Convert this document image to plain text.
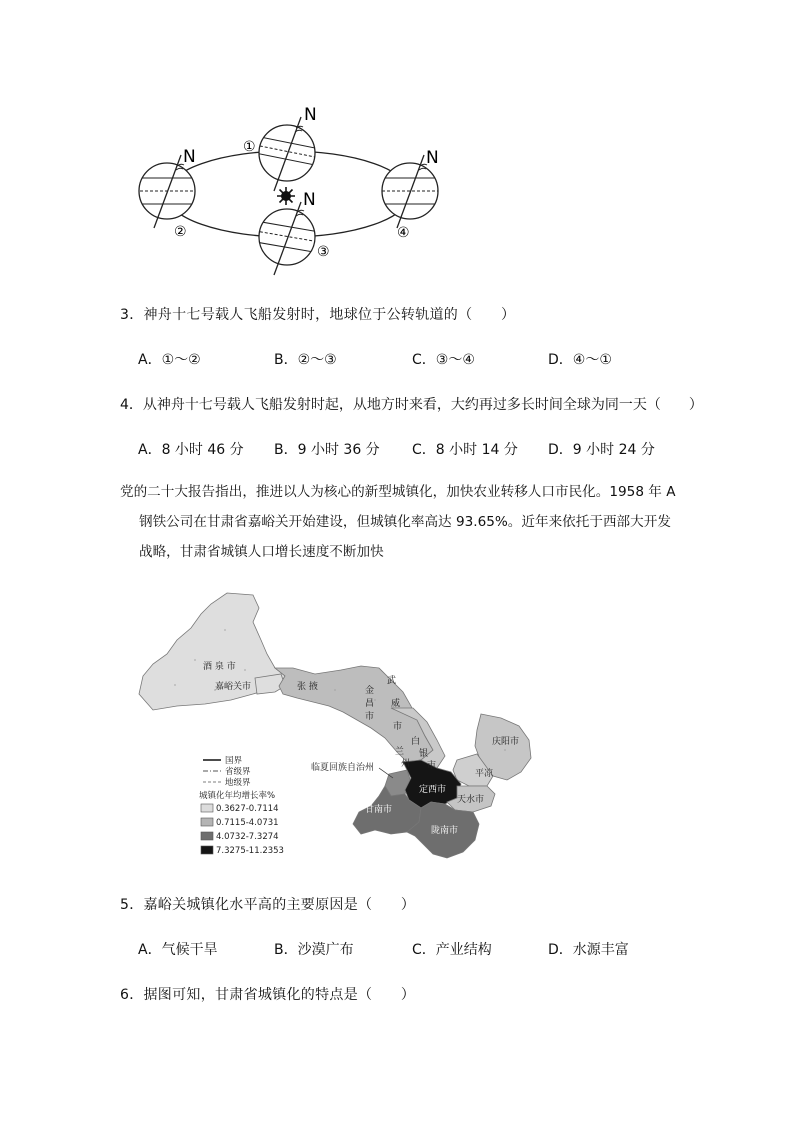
N
N
N
N
①
②
③
④
3．神舟十七号载人飞船发射时，地球位于公转轨道的（　　）
A．①～②	B．②～③	C．③～④	D．④～①
4．从神舟十七号载人飞船发射时起，从地方时来看，大约再过多长时间全球为同一天（　　）
A．8 小时 46 分 B．9 小时 36 分 C．8 小时 14 分 D．9 小时 24 分
党的二十大报告指出，推进以人为核心的新型城镇化，加快农业转移人口市民化。1958 年 A
钢铁公司在甘肃省嘉峪关开始建设，但城镇化率高达 93.65%。近年来依托于西部大开发
战略，甘肃省城镇人口增长速度不断加快
酒 泉 市
嘉峪关市	张 掖	金
昌
市
武
威
市
白
银
市
兰
州
庆阳市
平凉
临夏回族自治州
定西市
甘南市
天水市
陇南市
国界
省级界
地级界
城镇化年均增长率%
0.3627-0.7114
0.7115-4.0731
4.0732-7.3274
7.3275-11.2353
5．嘉峪关城镇化水平高的主要原因是（　　）
A．气候干旱	B．沙漠广布	C．产业结构	D．水源丰富
6．据图可知，甘肃省城镇化的特点是（　　）
